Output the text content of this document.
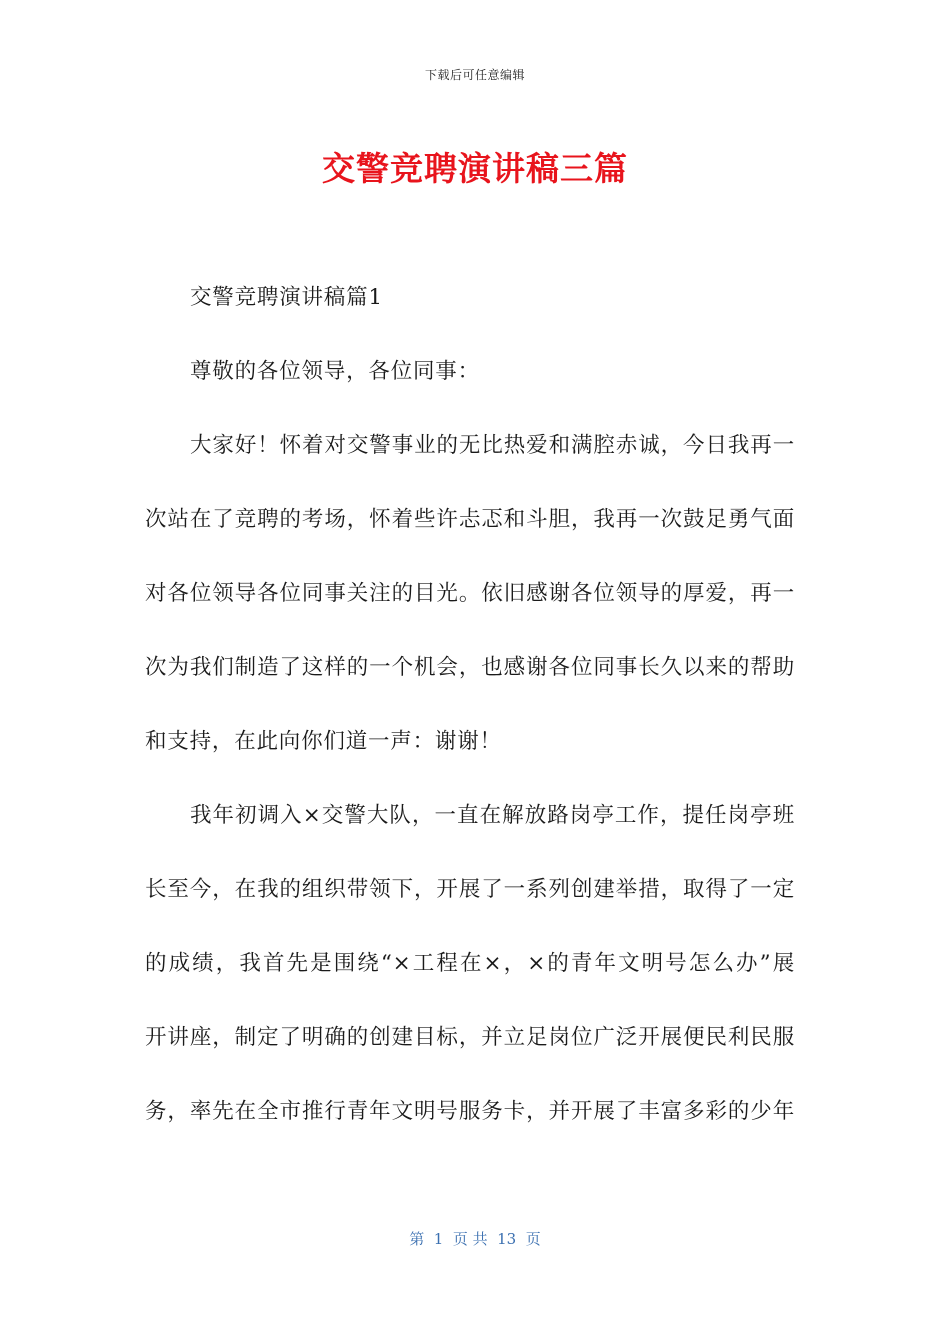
下载后可任意编辑
交警竞聘演讲稿三篇
交警竞聘演讲稿篇1
尊敬的各位领导，各位同事：
大家好！怀着对交警事业的无比热爱和满腔赤诚，今日我再一
次站在了竞聘的考场，怀着些许忐忑和斗胆，我再一次鼓足勇气面
对各位领导各位同事关注的目光。依旧感谢各位领导的厚爱，再一
次为我们制造了这样的一个机会，也感谢各位同事长久以来的帮助
和支持，在此向你们道一声：谢谢！
我年初调入×交警大队，一直在解放路岗亭工作，提任岗亭班
长至今，在我的组织带领下，开展了一系列创建举措，取得了一定
的成绩，我首先是围绕“×工程在×，×的青年文明号怎么办”展
开讲座，制定了明确的创建目标，并立足岗位广泛开展便民利民服
务，率先在全市推行青年文明号服务卡，并开展了丰富多彩的少年
第  1  页 共  13  页
